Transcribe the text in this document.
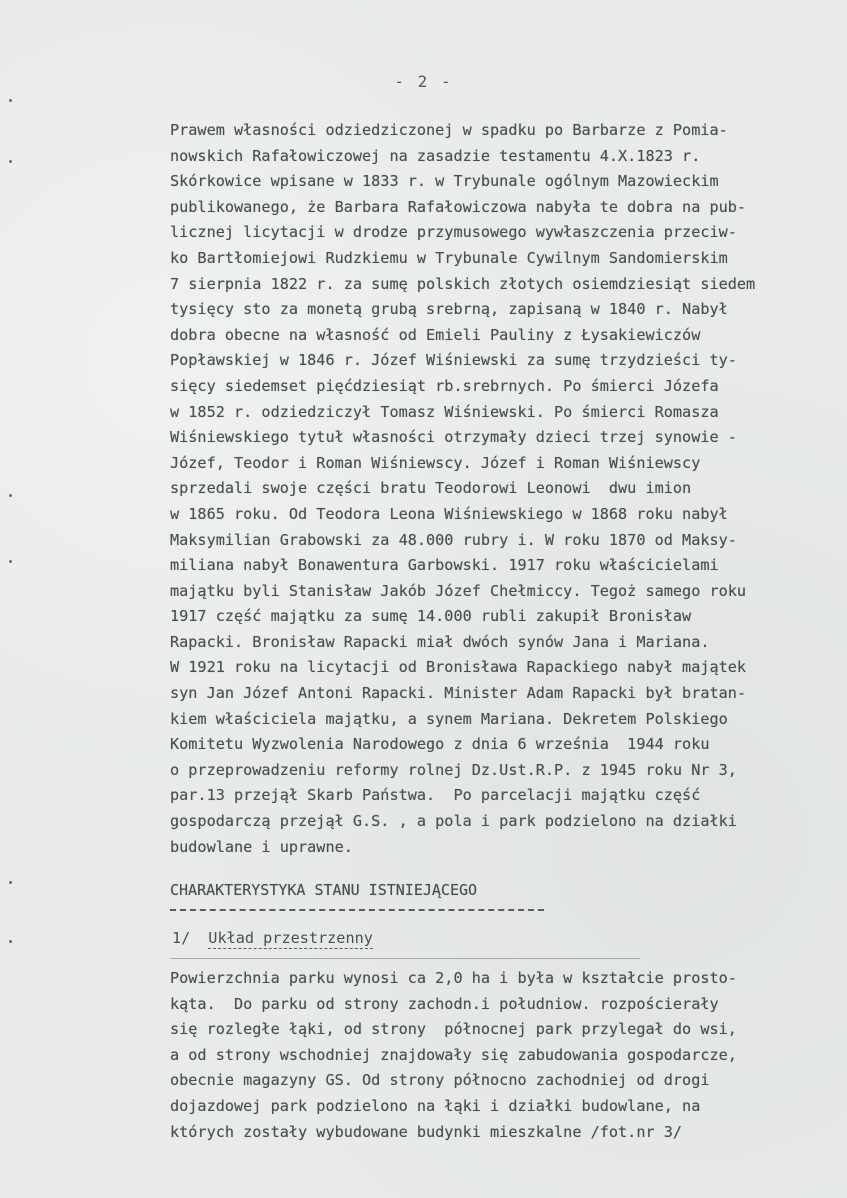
- 2 -
Prawem własności odziedziczonej w spadku po Barbarze z Pomia-
nowskich Rafałowiczowej na zasadzie testamentu 4.X.1823 r.
Skórkowice wpisane w 1833 r. w Trybunale ogólnym Mazowieckim
publikowanego, że Barbara Rafałowiczowa nabyła te dobra na pub-
licznej licytacji w drodze przymusowego wywłaszczenia przeciw-
ko Bartłomiejowi Rudzkiemu w Trybunale Cywilnym Sandomierskim
7 sierpnia 1822 r. za sumę polskich złotych osiemdziesiąt siedem
tysięcy sto za monetą grubą srebrną, zapisaną w 1840 r. Nabył
dobra obecne na własność od Emieli Pauliny z Łysakiewiczów
Popławskiej w 1846 r. Józef Wiśniewski za sumę trzydzieści ty-
sięcy siedemset pięćdziesiąt rb.srebrnych. Po śmierci Józefa
w 1852 r. odziedziczył Tomasz Wiśniewski. Po śmierci Romasza
Wiśniewskiego tytuł własności otrzymały dzieci trzej synowie -
Józef, Teodor i Roman Wiśniewscy. Józef i Roman Wiśniewscy
sprzedali swoje części bratu Teodorowi Leonowi  dwu imion
w 1865 roku. Od Teodora Leona Wiśniewskiego w 1868 roku nabył
Maksymilian Grabowski za 48.000 rubry i. W roku 1870 od Maksy-
miliana nabył Bonawentura Garbowski. 1917 roku właścicielami
majątku byli Stanisław Jakób Józef Chełmiccy. Tegoż samego roku
1917 część majątku za sumę 14.000 rubli zakupił Bronisław
Rapacki. Bronisław Rapacki miał dwóch synów Jana i Mariana.
W 1921 roku na licytacji od Bronisława Rapackiego nabył majątek
syn Jan Józef Antoni Rapacki. Minister Adam Rapacki był bratan-
kiem właściciela majątku, a synem Mariana. Dekretem Polskiego
Komitetu Wyzwolenia Narodowego z dnia 6 września  1944 roku
o przeprowadzeniu reformy rolnej Dz.Ust.R.P. z 1945 roku Nr 3,
par.13 przejął Skarb Państwa.  Po parcelacji majątku część
gospodarczą przejął G.S. , a pola i park podzielono na działki
budowlane i uprawne.
CHARAKTERYSTYKA STANU ISTNIEJĄCEGO
1/ Układ przestrzenny
Powierzchnia parku wynosi ca 2,0 ha i była w kształcie prosto-
kąta.  Do parku od strony zachodn.i południow. rozpościerały
się rozległe łąki, od strony  północnej park przylegał do wsi,
a od strony wschodniej znajdowały się zabudowania gospodarcze,
obecnie magazyny GS. Od strony północno zachodniej od drogi
dojazdowej park podzielono na łąki i działki budowlane, na
których zostały wybudowane budynki mieszkalne /fot.nr 3/
